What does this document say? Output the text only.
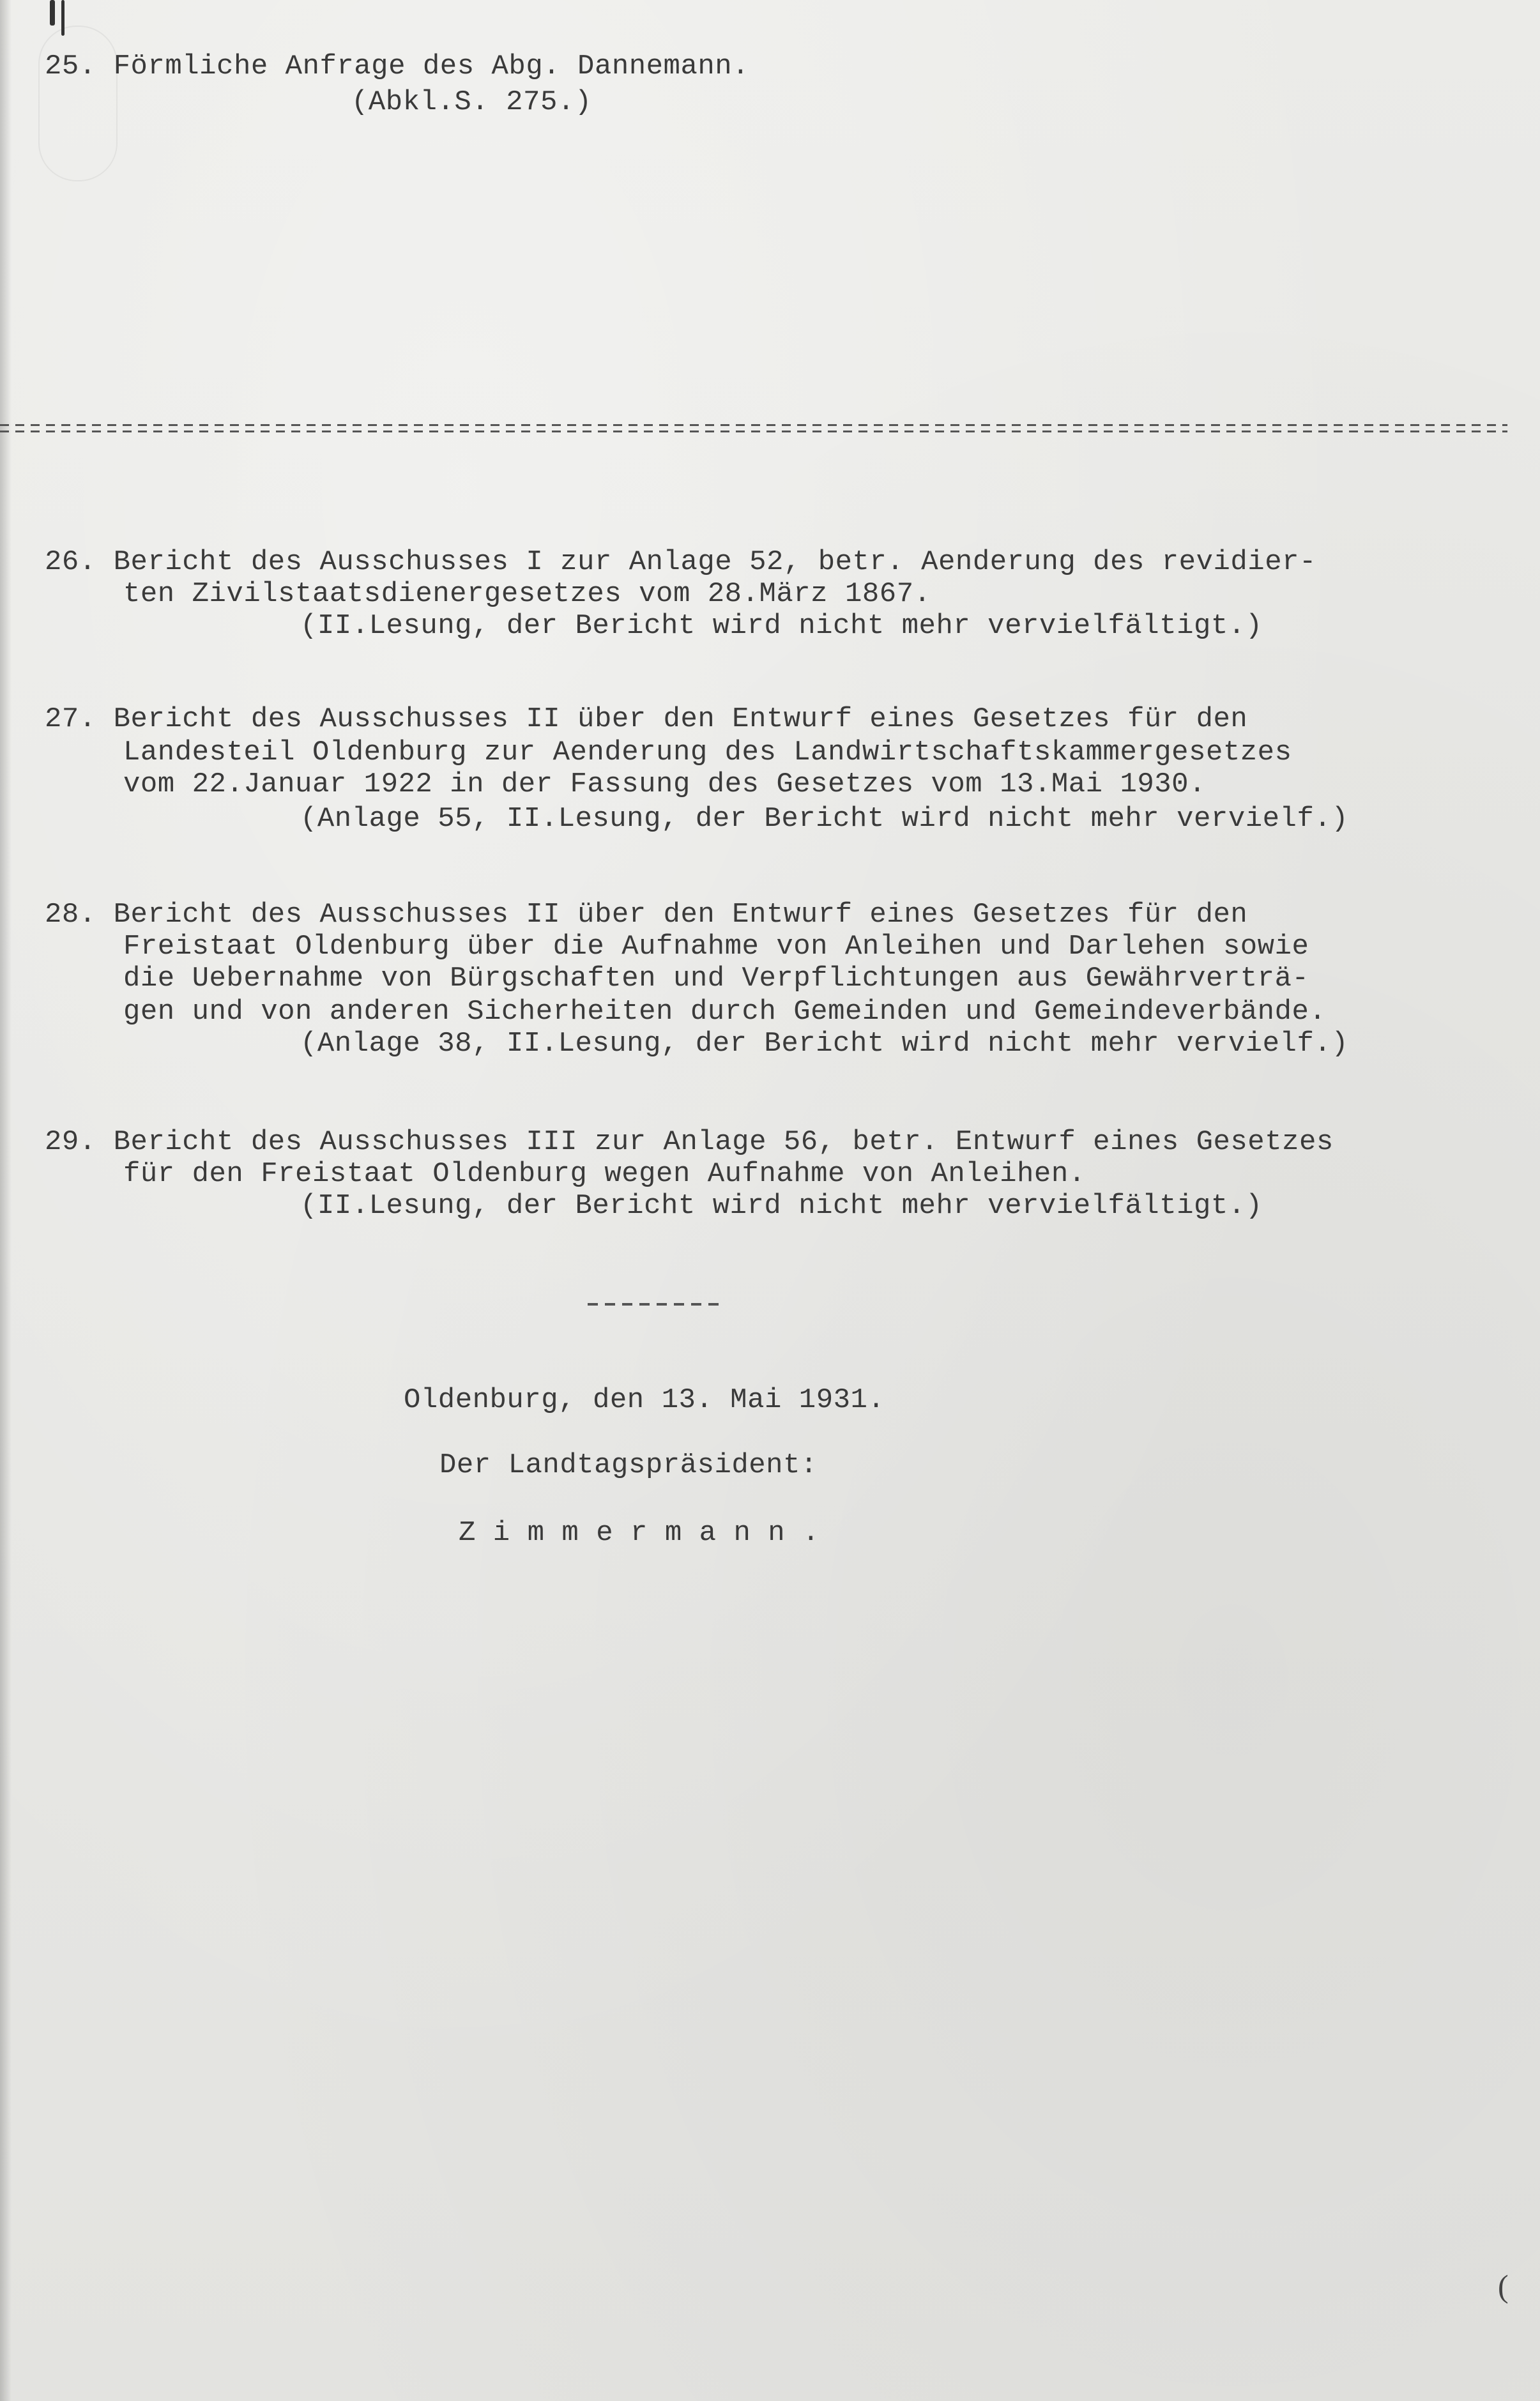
25. Förmliche Anfrage des Abg. Dannemann.
(Abkl.S. 275.)
26. Bericht des Ausschusses I zur Anlage 52, betr. Aenderung des revidier-
ten Zivilstaatsdienergesetzes vom 28.März 1867.
(II.Lesung, der Bericht wird nicht mehr vervielfältigt.)
27. Bericht des Ausschusses II über den Entwurf eines Gesetzes für den
Landesteil Oldenburg zur Aenderung des Landwirtschaftskammergesetzes
vom 22.Januar 1922 in der Fassung des Gesetzes vom 13.Mai 1930.
(Anlage 55, II.Lesung, der Bericht wird nicht mehr vervielf.)
28. Bericht des Ausschusses II über den Entwurf eines Gesetzes für den
Freistaat Oldenburg über die Aufnahme von Anleihen und Darlehen sowie
die Uebernahme von Bürgschaften und Verpflichtungen aus Gewährverträ-
gen und von anderen Sicherheiten durch Gemeinden und Gemeindeverbände.
(Anlage 38, II.Lesung, der Bericht wird nicht mehr vervielf.)
29. Bericht des Ausschusses III zur Anlage 56, betr. Entwurf eines Gesetzes
für den Freistaat Oldenburg wegen Aufnahme von Anleihen.
(II.Lesung, der Bericht wird nicht mehr vervielfältigt.)
Oldenburg, den 13. Mai 1931.
Der Landtagspräsident:
Z i m m e r m a n n .
(
